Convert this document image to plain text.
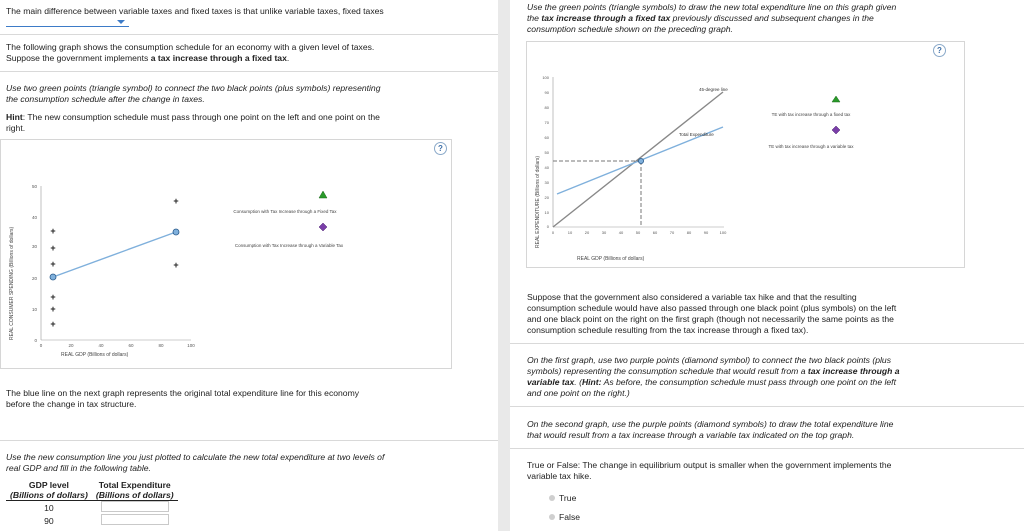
The main difference between variable taxes and fixed taxes is that unlike variable taxes, fixed taxes
The following graph shows the consumption schedule for an economy with a given level of taxes.
Suppose the government implements a tax increase through a fixed tax.
Use two green points (triangle symbol) to connect the two black points (plus symbols) representing
the consumption schedule after the change in taxes.
Hint: The new consumption schedule must pass through one point on the left and one point on the
right.
?
REAL CONSUMER SPENDING (Billions of dollars)
0
10
20
30
40
50
0	20	40	60	80	100
REAL GDP (Billions of dollars)
+
+
+
+
+
+
+
+
Consumption with Tax Increase through a Fixed Tax
Consumption with Tax Increase through a Variable Tax
The blue line on the next graph represents the original total expenditure line for this economy
before the change in tax structure.
Use the new consumption line you just plotted to calculate the new total expenditure at two levels of
real GDP and fill in the following table.
GDP level	Total Expenditure
(Billions of dollars)	(Billions of dollars)
10	
90	
Use the green points (triangle symbols) to draw the new total expenditure line on this graph given
the tax increase through a fixed tax previously discussed and subsequent changes in the
consumption schedule shown on the preceding graph.
?
REAL EXPENDITURE (Billions of dollars) 0
10
20
30
40
50
60
70
80
90
100
0	10	20	30	40	50	60	70	80	90	100
REAL GDP (Billions of dollars)
45-degree line
Total Expenditure
TE with tax increase through a fixed tax
TE with tax increase through a variable tax
Suppose that the government also considered a variable tax hike and that the resulting
consumption schedule would have also passed through one black point (plus symbols) on the left
and one black point on the right on the first graph (though not necessarily the same points as the
consumption schedule resulting from the tax increase through a fixed tax).
On the first graph, use two purple points (diamond symbol) to connect the two black points (plus
symbols) representing the consumption schedule that would result from a tax increase through a
variable tax. (Hint: As before, the consumption schedule must pass through one point on the left
and one point on the right.)
On the second graph, use the purple points (diamond symbols) to draw the total expenditure line
that would result from a tax increase through a variable tax indicated on the top graph.
True or False: The change in equilibrium output is smaller when the government implements the
variable tax hike.
True
False
